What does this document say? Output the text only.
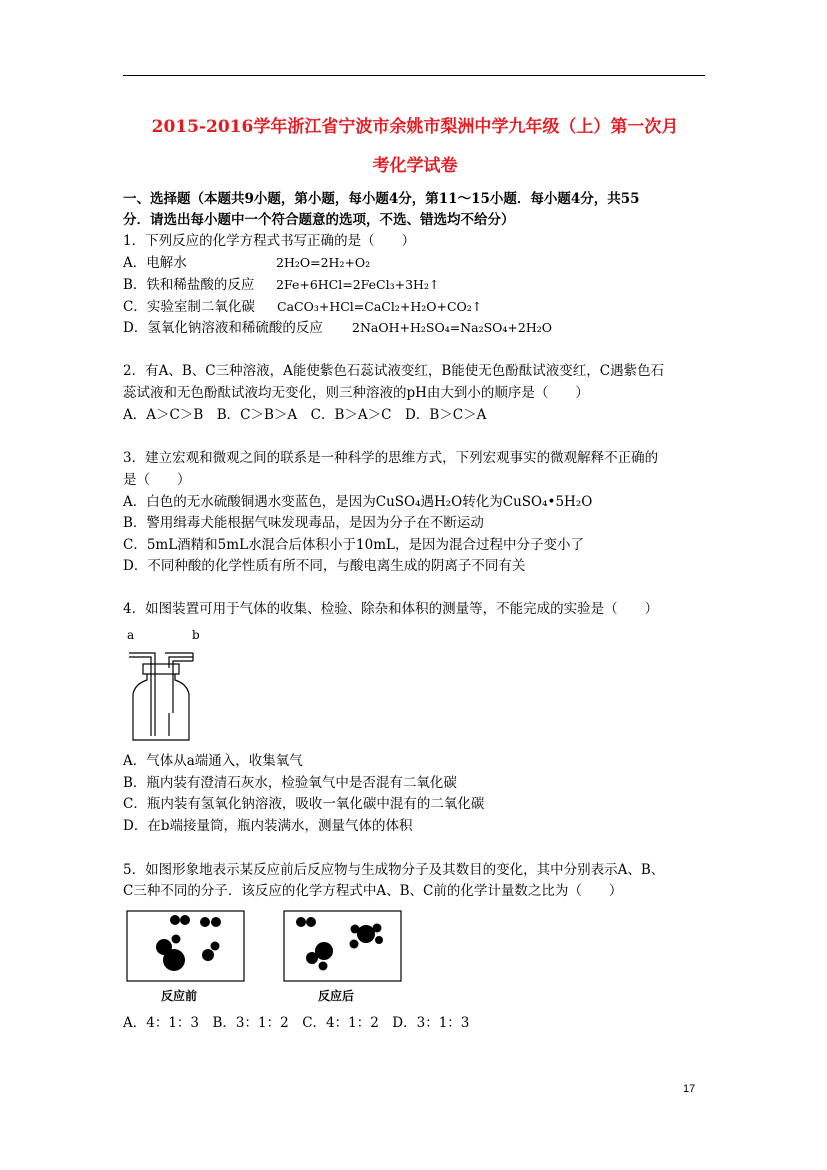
2015-2016学年浙江省宁波市余姚市梨洲中学九年级（上）第一次月
考化学试卷
一、选择题（本题共9小题，第小题，每小题4分，第11～15小题．每小题4分，共55
分．请选出每小题中一个符合题意的选项，不选、错选均不给分）
1．下列反应的化学方程式书写正确的是（　　）
A．电解水	2H₂O=2H₂+O₂
B．铁和稀盐酸的反应 2Fe+6HCl=2FeCl₃+3H₂↑
C．实验室制二氧化碳 CaCO₃+HCl=CaCl₂+H₂O+CO₂↑
D．氢氧化钠溶液和稀硫酸的反应 2NaOH+H₂SO₄=Na₂SO₄+2H₂O
2．有A、B、C三种溶液，A能使紫色石蕊试液变红，B能使无色酚酞试液变红，C遇紫色石
蕊试液和无色酚酞试液均无变化，则三种溶液的pH由大到小的顺序是（　　）
A．A＞C＞B　B．C＞B＞A　C．B＞A＞C　D．B＞C＞A
3．建立宏观和微观之间的联系是一种科学的思维方式，下列宏观事实的微观解释不正确的
是（　　）
A．白色的无水硫酸铜遇水变蓝色，是因为CuSO₄遇H₂O转化为CuSO₄•5H₂O
B．警用缉毒犬能根据气味发现毒品，是因为分子在不断运动
C．5mL酒精和5mL水混合后体积小于10mL，是因为混合过程中分子变小了
D．不同种酸的化学性质有所不同，与酸电离生成的阴离子不同有关
4．如图装置可用于气体的收集、检验、除杂和体积的测量等，不能完成的实验是（　　）
a	b
A．气体从a端通入，收集氧气
B．瓶内装有澄清石灰水，检验氧气中是否混有二氧化碳
C．瓶内装有氢氧化钠溶液，吸收一氧化碳中混有的二氧化碳
D．在b端接量筒，瓶内装满水，测量气体的体积
5．如图形象地表示某反应前后反应物与生成物分子及其数目的变化，其中分别表示A、B、
C三种不同的分子．该反应的化学方程式中A、B、C前的化学计量数之比为（　　）
反应前	反应后
A．4：1：3　B．3：1：2　C．4：1：2　D．3：1：3
17
